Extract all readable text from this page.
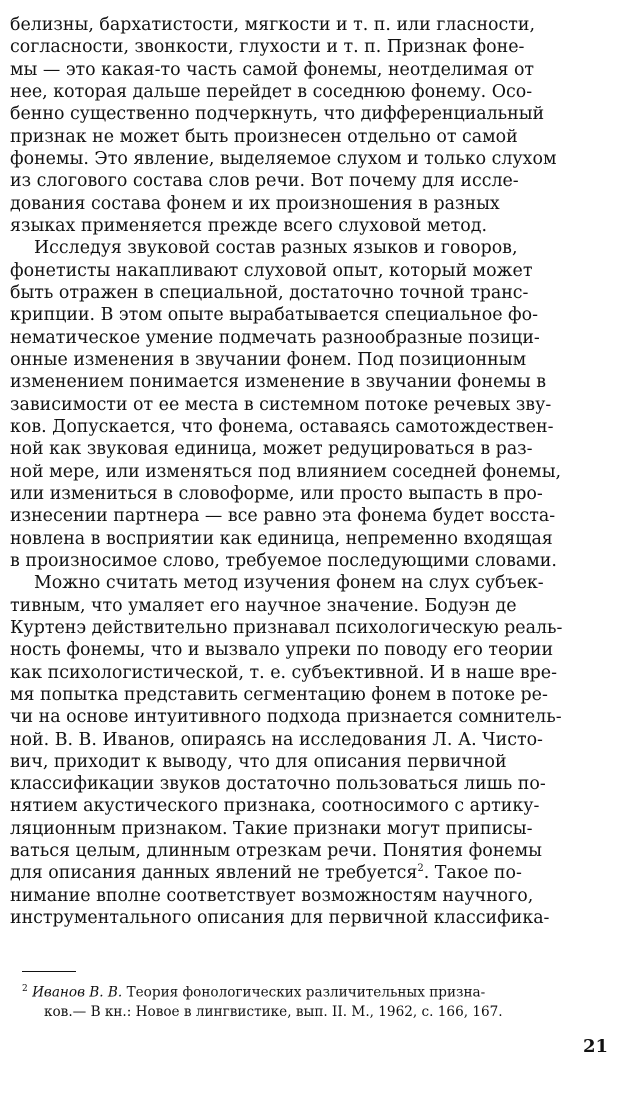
белизны, бархатистости, мягкости и т. п. или гласности,
согласности, звонкости, глухости и т. п. Признак фоне-
мы — это какая-то часть самой фонемы, неотделимая от
нее, которая дальше перейдет в соседнюю фонему. Осо-
бенно существенно подчеркнуть, что дифференциальный
признак не может быть произнесен отдельно от самой
фонемы. Это явление, выделяемое слухом и только слухом
из слогового состава слов речи. Вот почему для иссле-
дования состава фонем и их произношения в разных
языках применяется прежде всего слуховой метод.
Исследуя звуковой состав разных языков и говоров,
фонетисты накапливают слуховой опыт, который может
быть отражен в специальной, достаточно точной транс-
крипции. В этом опыте вырабатывается специальное фо-
нематическое умение подмечать разнообразные позици-
онные изменения в звучании фонем. Под позиционным
изменением понимается изменение в звучании фонемы в
зависимости от ее места в системном потоке речевых зву-
ков. Допускается, что фонема, оставаясь самотождествен-
ной как звуковая единица, может редуцироваться в раз-
ной мере, или изменяться под влиянием соседней фонемы,
или измениться в словоформе, или просто выпасть в про-
изнесении партнера — все равно эта фонема будет восста-
новлена в восприятии как единица, непременно входящая
в произносимое слово, требуемое последующими словами.
Можно считать метод изучения фонем на слух субъек-
тивным, что умаляет его научное значение. Бодуэн де
Куртенэ действительно признавал психологическую реаль-
ность фонемы, что и вызвало упреки по поводу его теории
как психологистической, т. е. субъективной. И в наше вре-
мя попытка представить сегментацию фонем в потоке ре-
чи на основе интуитивного подхода признается сомнитель-
ной. В. В. Иванов, опираясь на исследования Л. А. Чисто-
вич, приходит к выводу, что для описания первичной
классификации звуков достаточно пользоваться лишь по-
нятием акустического признака, соотносимого с артику-
ляционным признаком. Такие признаки могут приписы-
ваться целым, длинным отрезкам речи. Понятия фонемы
для описания данных явлений не требуется$^2$. Такое по-
нимание вполне соответствует возможностям научного,
инструментального описания для первичной классифика-
$^2$ Иванов В. В. Теория фонологических различительных призна-
ков.— В кн.: Новое в лингвистике, вып. II. М., 1962, с. 166, 167.
21
